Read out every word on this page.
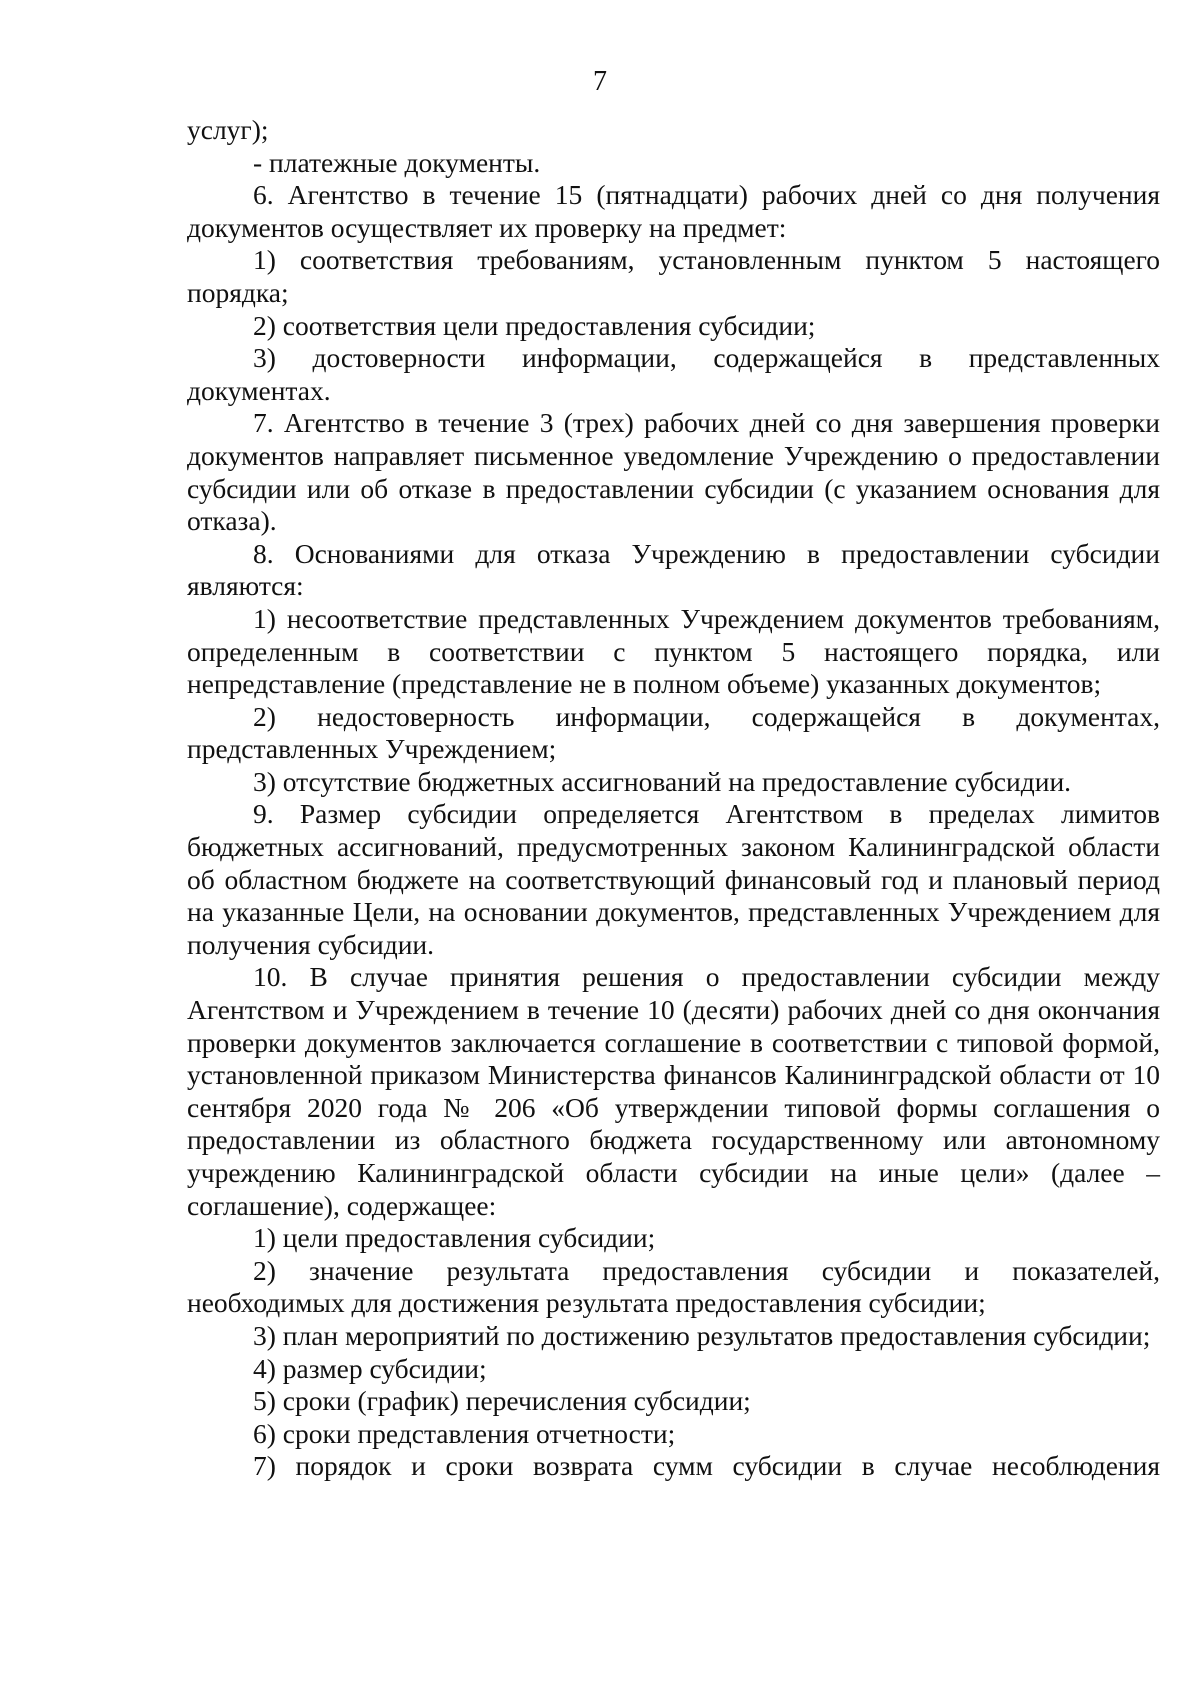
7

услуг);

- платежные документы.

6. Агентство в течение 15 (пятнадцати) рабочих дней со дня получения документов осуществляет их проверку на предмет:

1) соответствия требованиям, установленным пунктом 5 настоящего порядка;

2) соответствия цели предоставления субсидии;

3) достоверности информации, содержащейся в представленных документах.

7. Агентство в течение 3 (трех) рабочих дней со дня завершения проверки документов направляет письменное уведомление Учреждению о предоставлении субсидии или об отказе в предоставлении субсидии (с указанием основания для отказа).

8. Основаниями для отказа Учреждению в предоставлении субсидии являются:

1) несоответствие представленных Учреждением документов требованиям, определенным в соответствии с пунктом 5 настоящего порядка, или непредставление (представление не в полном объеме) указанных документов;

2) недостоверность информации, содержащейся в документах, представленных Учреждением;

3) отсутствие бюджетных ассигнований на предоставление субсидии.

9. Размер субсидии определяется Агентством в пределах лимитов бюджетных ассигнований, предусмотренных законом Калининградской области об областном бюджете на соответствующий финансовый год и плановый период на указанные Цели, на основании документов, представленных Учреждением для получения субсидии.

10. В случае принятия решения о предоставлении субсидии между Агентством и Учреждением в течение 10 (десяти) рабочих дней со дня окончания проверки документов заключается соглашение в соответствии с типовой формой, установленной приказом Министерства финансов Калининградской области от 10 сентября 2020 года № 206 «Об утверждении типовой формы соглашения о предоставлении из областного бюджета государственному или автономному учреждению Калининградской области субсидии на иные цели» (далее – соглашение), содержащее:

1) цели предоставления субсидии;

2) значение результата предоставления субсидии и показателей, необходимых для достижения результата предоставления субсидии;

3) план мероприятий по достижению результатов предоставления субсидии;

4) размер субсидии;

5) сроки (график) перечисления субсидии;

6) сроки представления отчетности;

7) порядок и сроки возврата сумм субсидии в случае несоблюдения
